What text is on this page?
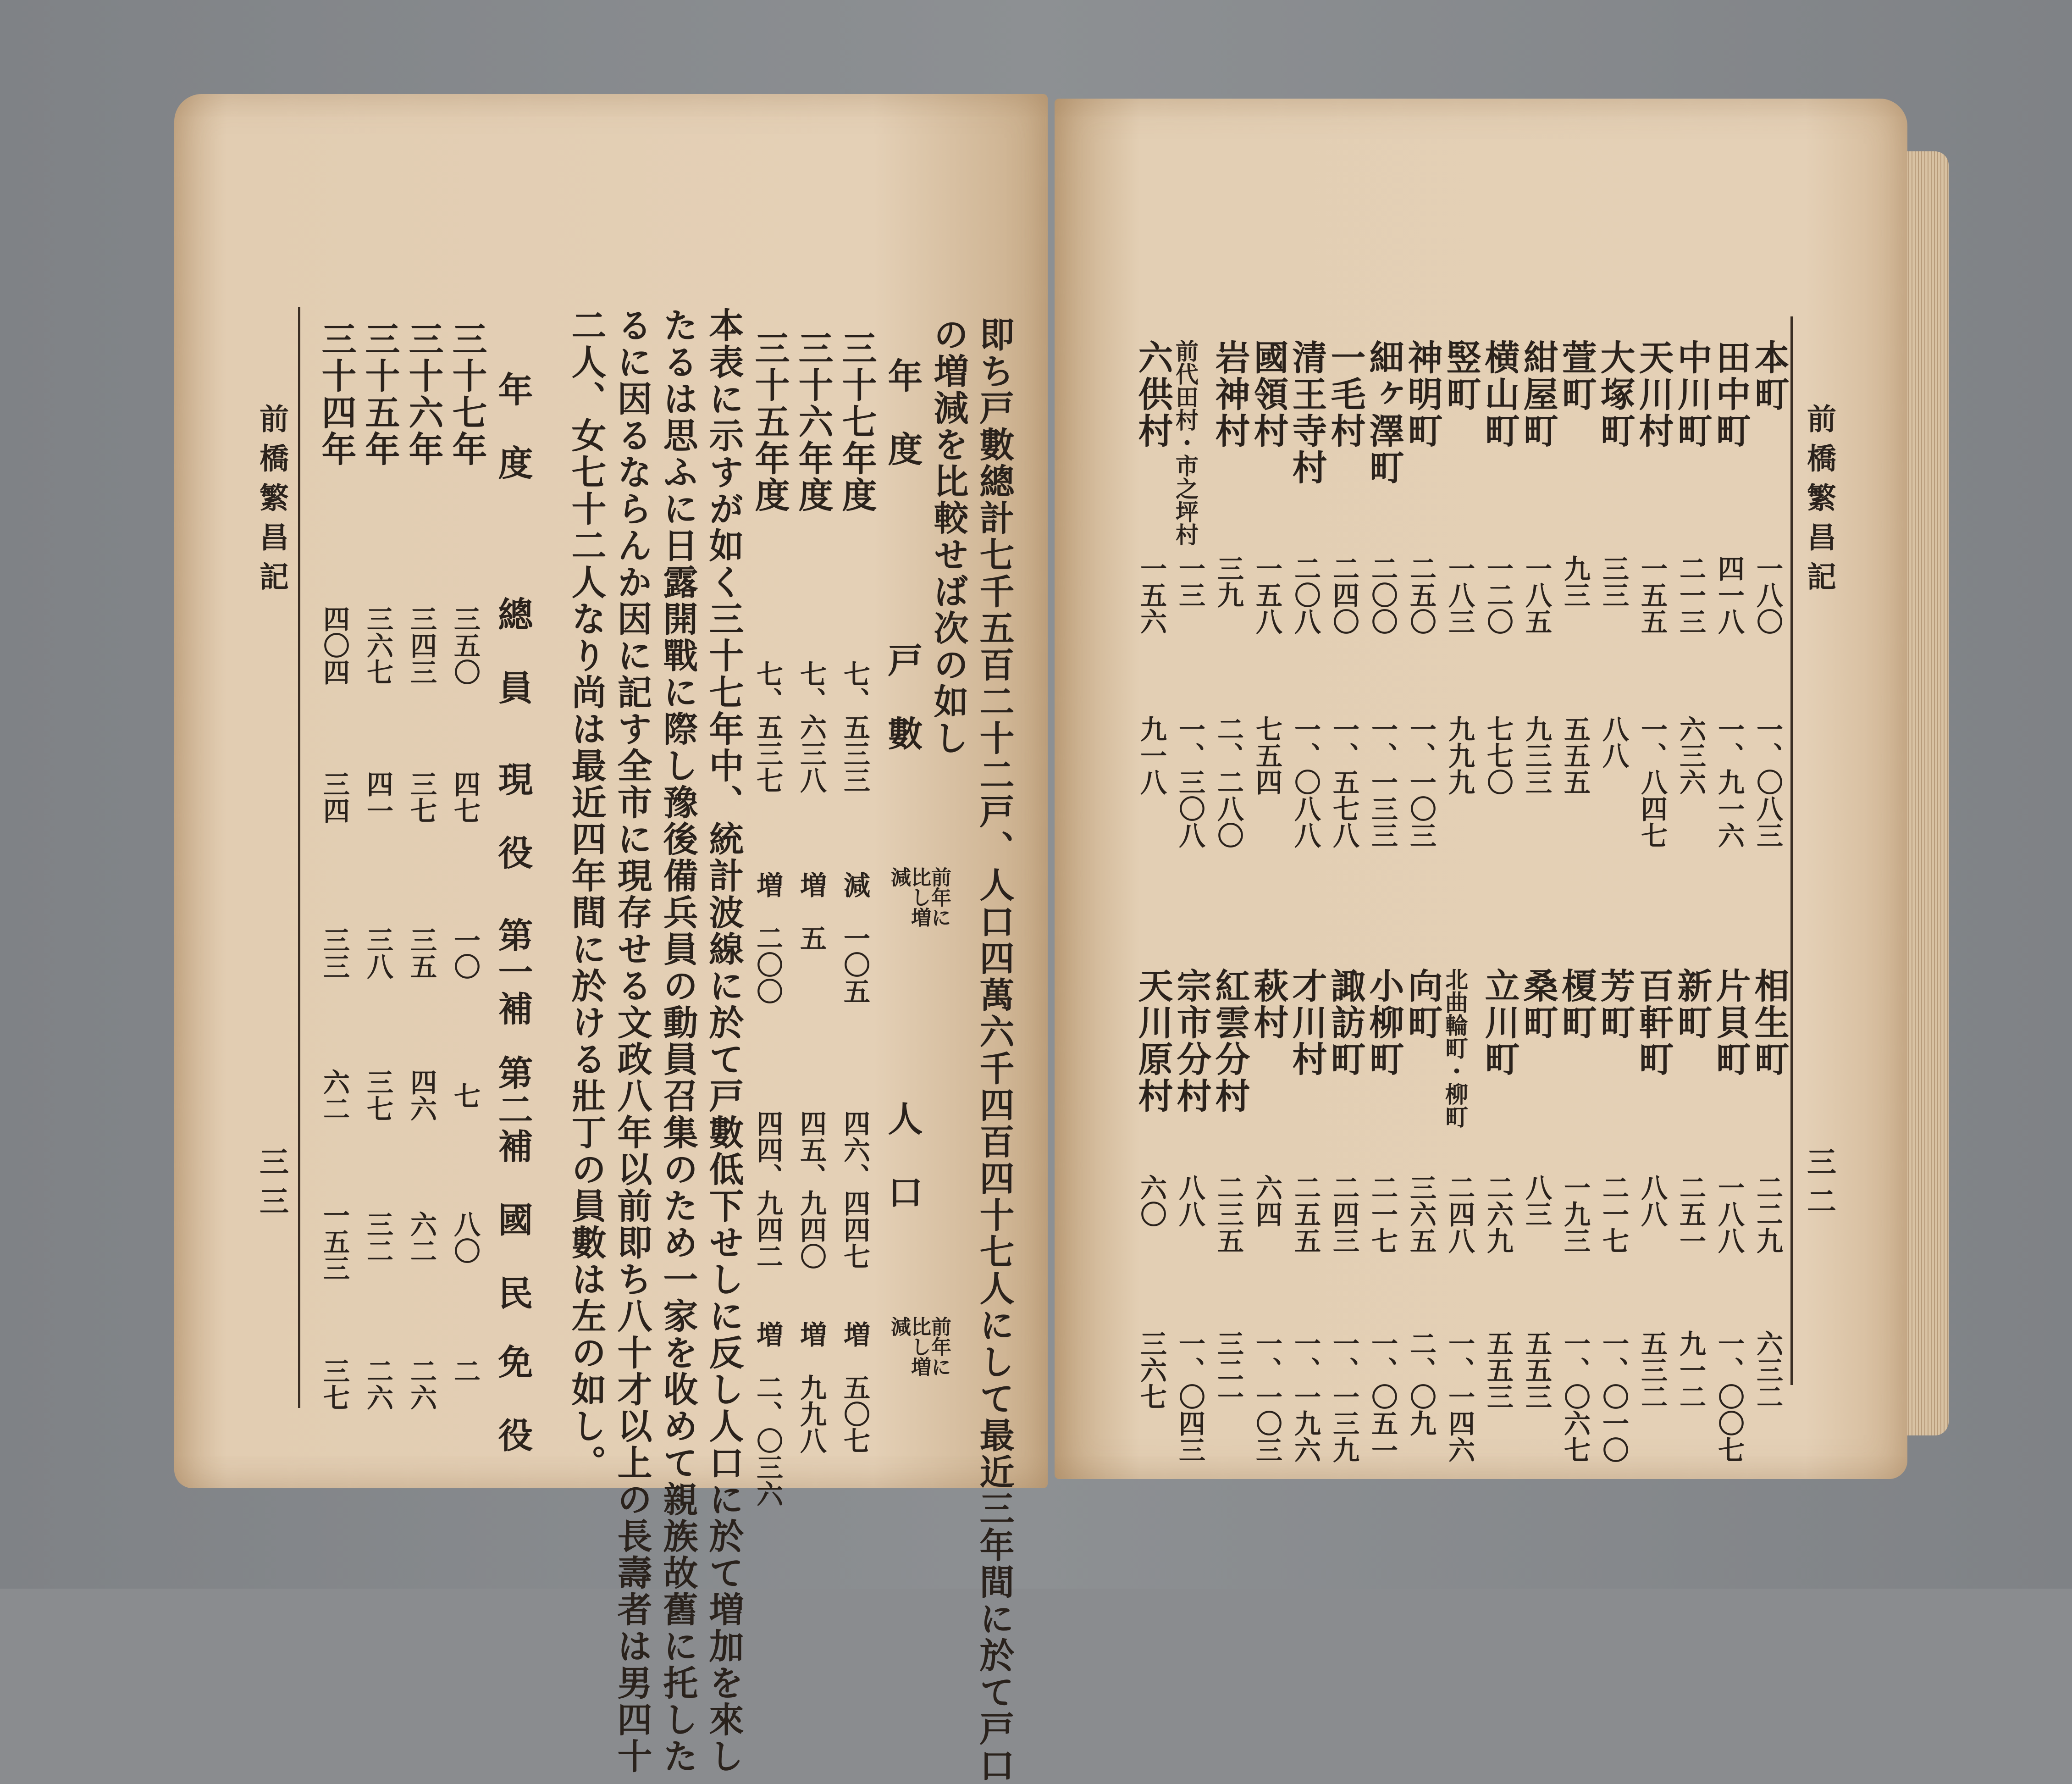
前橋繁昌記
三三	即ち戸數總計七千五百二十二戸、人口四萬六千四百四十七人にして最近三年間に於て戸口
の増減を比較せば次の如し
年　度
戸　數
前年に比し増減
人　口
前年に比し増減
三十七年度
七、五三三
減　一〇五
四六、四四七
増　五〇七
三十六年度
七、六三八
増　五
四五、九四〇
増　九九八
三十五年度
七、五三七
増　二〇〇
四四、九四二
増　二、〇三六
本表に示すが如く三十七年中、統計波線に於て戸數低下せしに反し人口に於て増加を來し
たるは思ふに日露開戰に際し豫後備兵員の動員召集のため一家を收めて親族故舊に托した
るに因るならんか因に記す全市に現存せる文政八年以前即ち八十才以上の長壽者は男四十
二人、女七十二人なり尚は最近四年間に於ける壯丁の員數は左の如し。
年　度
總　員
現　役
第一補
第二補
國　民
免　役
三十七年
三五〇
四七
一〇
七
八〇
二
三十六年
三四三
三七
三五
四六
六二
二六
三十五年
三六七
四一
三八
三七
三二
二六
三十四年
四〇四
三四
三三
六二
一五三
三七
前橋繁昌記
三二
本町
一八〇
一、〇八三
田中町
四一八
一、九一六
中川町
二一三
六三六
天川村
一五五
一、八四七
大塚町
三三
八八
萱町
九三
五五五
紺屋町
一八五
九三三
横山町
一二〇
七七〇
竪町
一八三
九九九
神明町
二五〇
一、一〇三
細ヶ澤町
二〇〇
一、一三三
一毛村
二四〇
一、五七八
清王寺村
二〇八
一、〇八八
國領村
一五八
七五四
岩神村
三九
二、二八〇
前代田村・市之坪村
一三
一、三〇八
六供村
一五六
九一八
相生町
二二九
六三二
片貝町
一八八
一、〇〇七
新町
二五一
九一二
百軒町
八八
五三二
芳町
二一七
一、〇一〇
榎町
一九三
一、〇六七
桑町
八三
五五三
立川町
二六九
五五三
北曲輪町・柳町
二四八
一、一四六
向町
三六五
二、〇九
小柳町
二一七
一、〇五一
諏訪町
二四三
一、一三九
才川村
二五五
一、一九六
萩村
六四
一、一〇三
紅雲分村
二三五
三二一
宗市分村
八八
一、〇四三
天川原村
六〇
三六七
